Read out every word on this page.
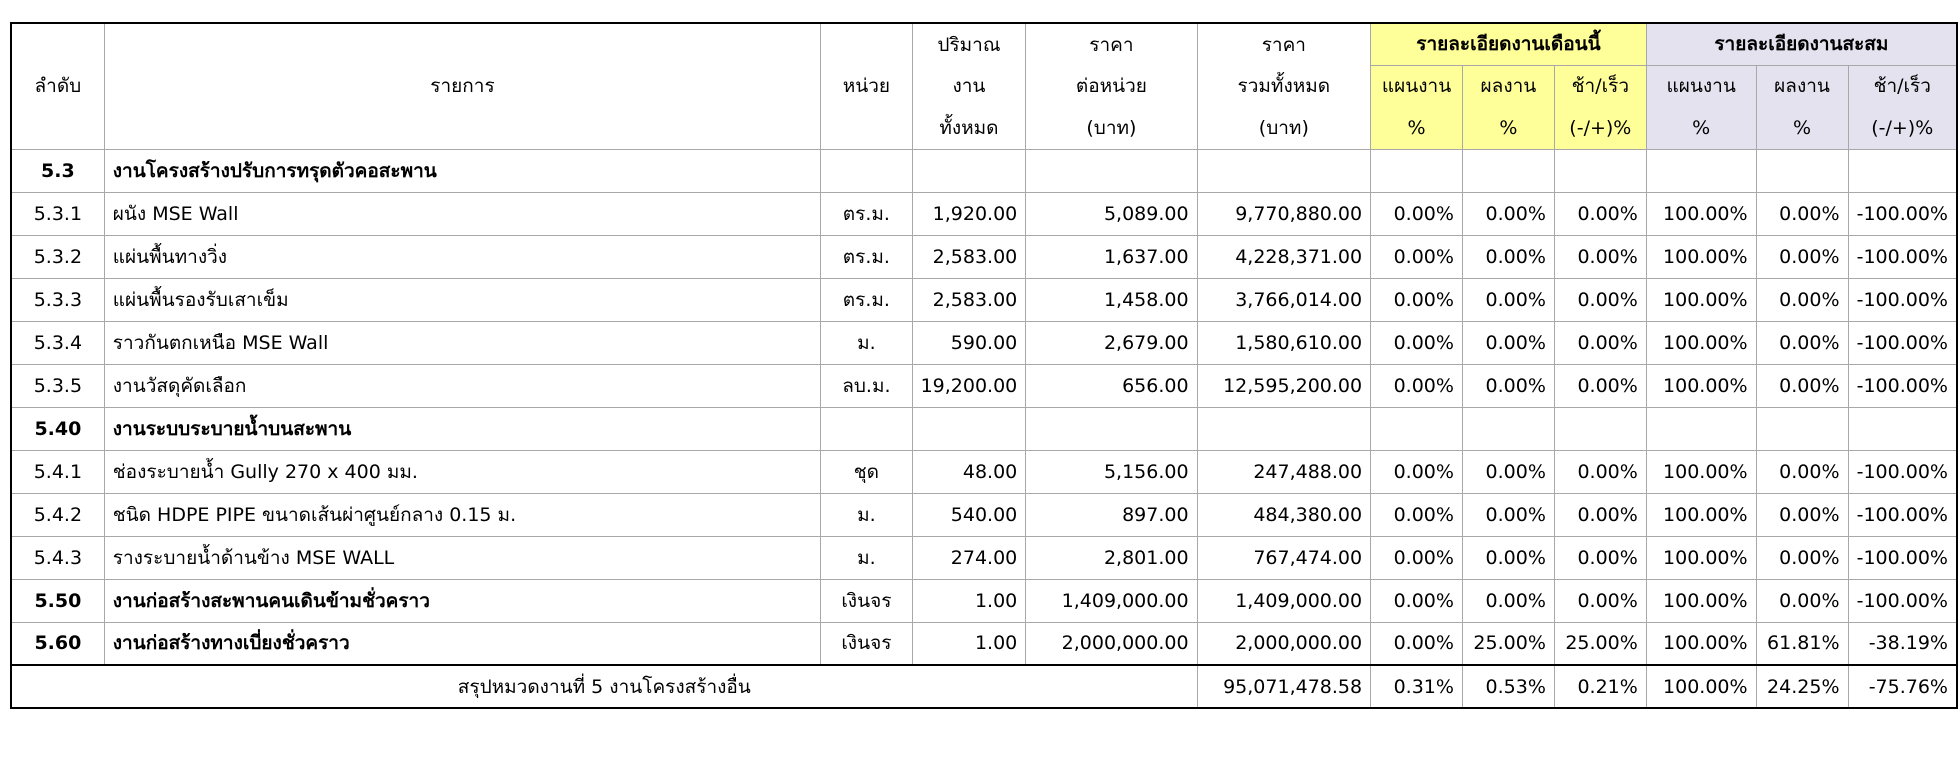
ลำดับ	รายการ	หน่วย	ปริมาณ	ราคา	ราคา	รายละเอียดงานเดือนนี้			รายละเอียดงานสะสม		
			งาน	ต่อหน่วย	รวมทั้งหมด	แผนงาน	ผลงาน	ช้า/เร็ว	แผนงาน	ผลงาน	ช้า/เร็ว
			ทั้งหมด	(บาท)	(บาท)	%	%	(-/+)%	%	%	(-/+)%
5.3	งานโครงสร้างปรับการทรุดตัวคอสะพาน										
5.3.1	ผนัง MSE Wall	ตร.ม.	1,920.00	5,089.00	9,770,880.00	0.00%	0.00%	0.00%	100.00%	0.00%	-100.00%
5.3.2	แผ่นพื้นทางวิ่ง	ตร.ม.	2,583.00	1,637.00	4,228,371.00	0.00%	0.00%	0.00%	100.00%	0.00%	-100.00%
5.3.3	แผ่นพื้นรองรับเสาเข็ม	ตร.ม.	2,583.00	1,458.00	3,766,014.00	0.00%	0.00%	0.00%	100.00%	0.00%	-100.00%
5.3.4	ราวกันตกเหนือ MSE Wall	ม.	590.00	2,679.00	1,580,610.00	0.00%	0.00%	0.00%	100.00%	0.00%	-100.00%
5.3.5	งานวัสดุคัดเลือก	ลบ.ม.	19,200.00	656.00	12,595,200.00	0.00%	0.00%	0.00%	100.00%	0.00%	-100.00%
5.40	งานระบบระบายน้ำบนสะพาน										
5.4.1	ช่องระบายน้ำ Gully 270 x 400 มม.	ชุด	48.00	5,156.00	247,488.00	0.00%	0.00%	0.00%	100.00%	0.00%	-100.00%
5.4.2	ชนิด HDPE PIPE ขนาดเส้นผ่าศูนย์กลาง 0.15 ม.	ม.	540.00	897.00	484,380.00	0.00%	0.00%	0.00%	100.00%	0.00%	-100.00%
5.4.3	รางระบายน้ำด้านข้าง MSE WALL	ม.	274.00	2,801.00	767,474.00	0.00%	0.00%	0.00%	100.00%	0.00%	-100.00%
5.50	งานก่อสร้างสะพานคนเดินข้ามชั่วคราว	เงินจร	1.00	1,409,000.00	1,409,000.00	0.00%	0.00%	0.00%	100.00%	0.00%	-100.00%
5.60	งานก่อสร้างทางเบี่ยงชั่วคราว	เงินจร	1.00	2,000,000.00	2,000,000.00	0.00%	25.00%	25.00%	100.00%	61.81%	-38.19%
สรุปหมวดงานที่ 5 งานโครงสร้างอื่น					95,071,478.58	0.31%	0.53%	0.21%	100.00%	24.25%	-75.76%
